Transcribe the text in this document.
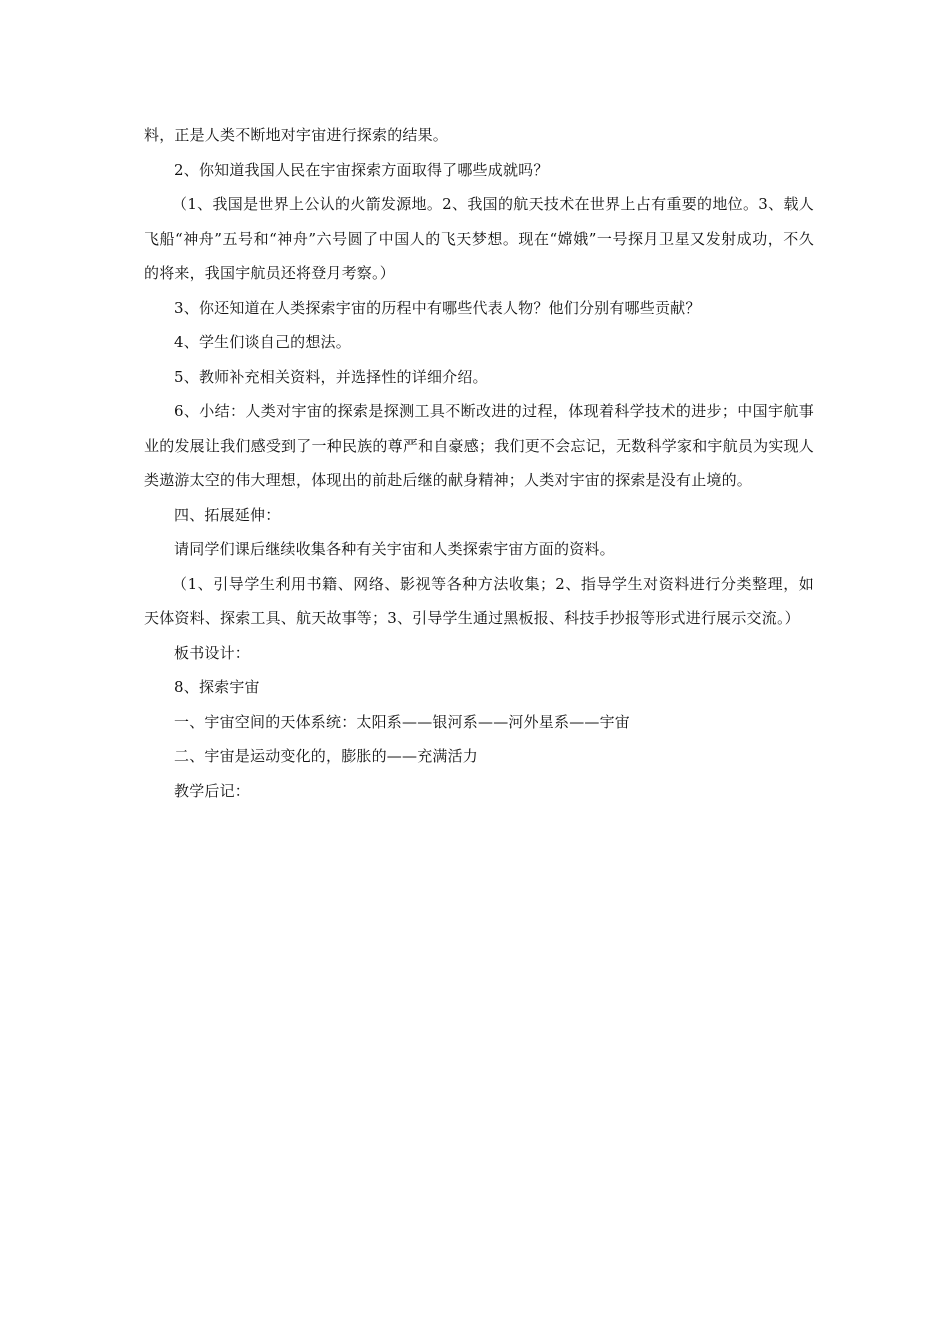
料，正是人类不断地对宇宙进行探索的结果。

2、你知道我国人民在宇宙探索方面取得了哪些成就吗？

（1、我国是世界上公认的火箭发源地。2、我国的航天技术在世界上占有重要的地位。3、载人飞船“神舟”五号和“神舟”六号圆了中国人的飞天梦想。现在“嫦娥”一号探月卫星又发射成功，不久的将来，我国宇航员还将登月考察。）

3、你还知道在人类探索宇宙的历程中有哪些代表人物？他们分别有哪些贡献？

4、学生们谈自己的想法。

5、教师补充相关资料，并选择性的详细介绍。

6、小结：人类对宇宙的探索是探测工具不断改进的过程，体现着科学技术的进步；中国宇航事业的发展让我们感受到了一种民族的尊严和自豪感；我们更不会忘记，无数科学家和宇航员为实现人类遨游太空的伟大理想，体现出的前赴后继的献身精神；人类对宇宙的探索是没有止境的。

四、拓展延伸：

请同学们课后继续收集各种有关宇宙和人类探索宇宙方面的资料。

（1、引导学生利用书籍、网络、影视等各种方法收集；2、指导学生对资料进行分类整理，如天体资料、探索工具、航天故事等；3、引导学生通过黑板报、科技手抄报等形式进行展示交流。）

板书设计：

8、探索宇宙

一、宇宙空间的天体系统：太阳系——银河系——河外星系——宇宙

二、宇宙是运动变化的，膨胀的——充满活力

教学后记：
